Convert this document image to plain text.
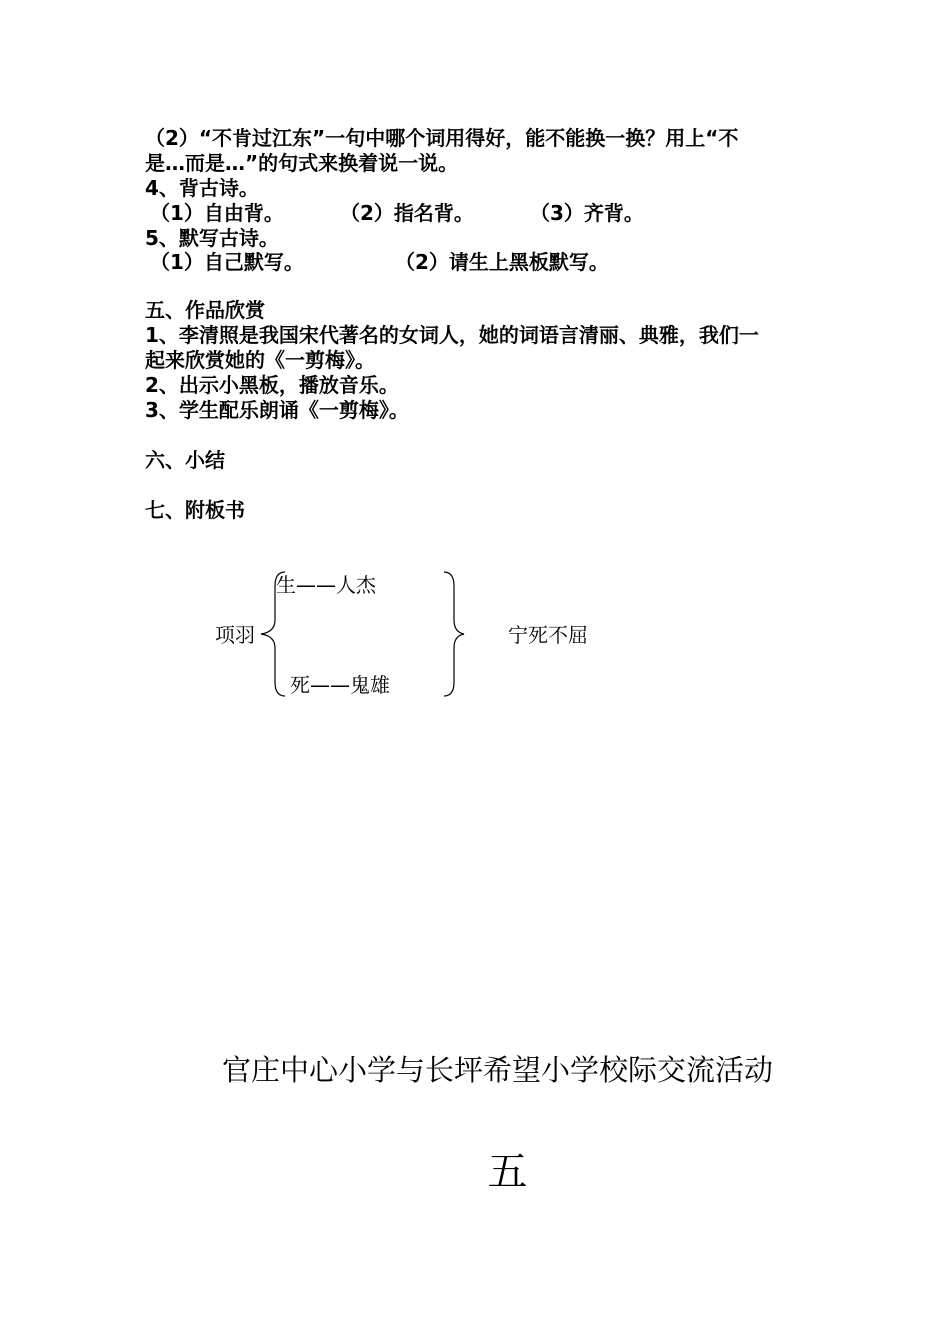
（2）“不肯过江东”一句中哪个词用得好，能不能换一换？用上“不
是…而是…”的句式来换着说一说。
4、背古诗。
（1）自由背。	（2）指名背。	（3）齐背。
5、默写古诗。
（1）自己默写。	（2）请生上黑板默写。
五、作品欣赏
1、李清照是我国宋代著名的女词人，她的词语言清丽、典雅，我们一
起来欣赏她的《一剪梅》。
2、出示小黑板，播放音乐。
3、学生配乐朗诵《一剪梅》。
六、小结
七、附板书
项羽
生——人杰
死——鬼雄
宁死不屈
官庄中心小学与长坪希望小学校际交流活动
五
